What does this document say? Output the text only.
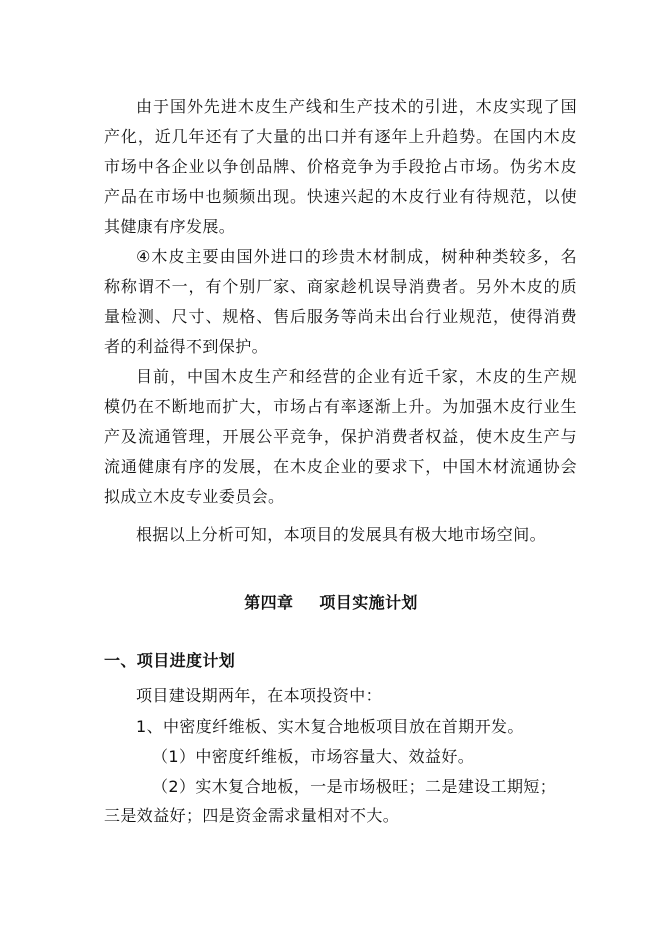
由于国外先进木皮生产线和生产技术的引进，木皮实现了国产化，近几年还有了大量的出口并有逐年上升趋势。在国内木皮市场中各企业以争创品牌、价格竞争为手段抢占市场。伪劣木皮产品在市场中也频频出现。快速兴起的木皮行业有待规范，以使其健康有序发展。

④木皮主要由国外进口的珍贵木材制成，树种种类较多，名称称谓不一，有个别厂家、商家趁机误导消费者。另外木皮的质量检测、尺寸、规格、售后服务等尚未出台行业规范，使得消费者的利益得不到保护。

目前，中国木皮生产和经营的企业有近千家，木皮的生产规模仍在不断地而扩大，市场占有率逐渐上升。为加强木皮行业生产及流通管理，开展公平竞争，保护消费者权益，使木皮生产与流通健康有序的发展，在木皮企业的要求下，中国木材流通协会拟成立木皮专业委员会。

根据以上分析可知，本项目的发展具有极大地市场空间。

第四章 项目实施计划
一、项目进度计划

项目建设期两年，在本项投资中：

1、中密度纤维板、实木复合地板项目放在首期开发。

（1）中密度纤维板，市场容量大、效益好。

（2）实木复合地板，一是市场极旺；二是建设工期短；

三是效益好；四是资金需求量相对不大。
